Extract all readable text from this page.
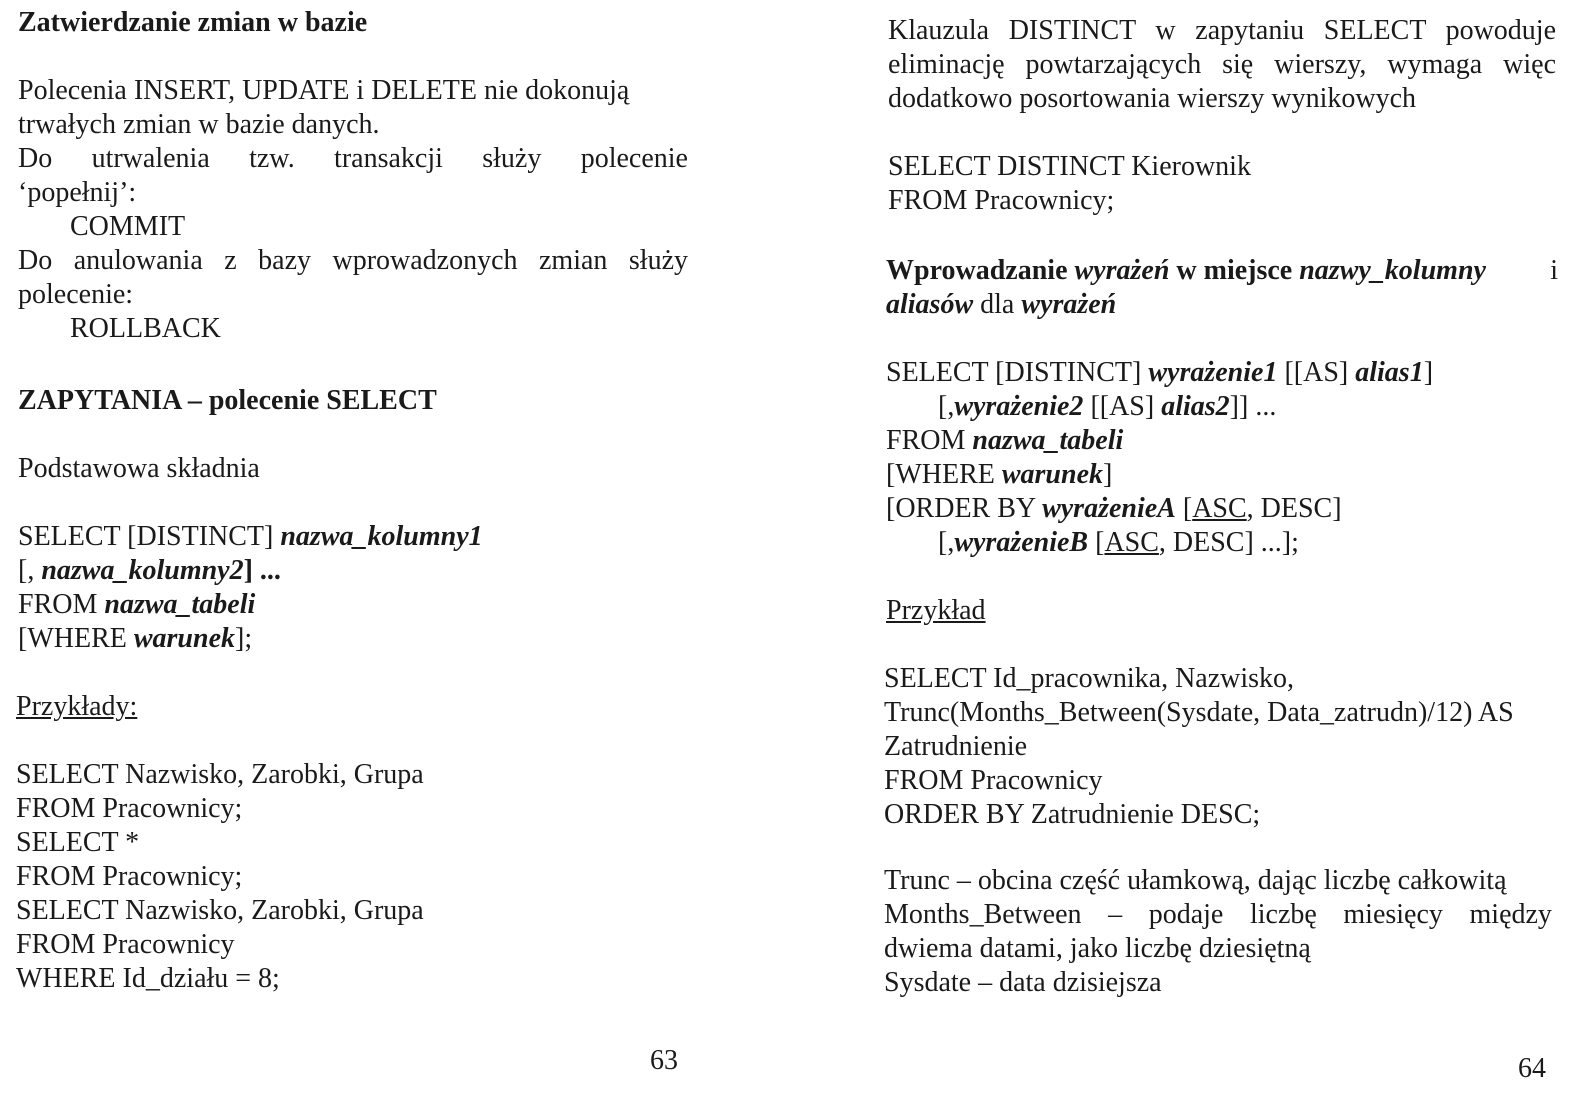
Zatwierdzanie zmian w bazie
Polecenia INSERT, UPDATE i DELETE nie dokonują
trwałych zmian w bazie danych.
Do utrwalenia tzw. transakcji służy polecenie
‘popełnij’:
COMMIT
Do anulowania z bazy wprowadzonych zmian służy
polecenie:
ROLLBACK
ZAPYTANIA – polecenie SELECT
Podstawowa składnia
SELECT [DISTINCT] nazwa_kolumny1
[, nazwa_kolumny2] ...
FROM nazwa_tabeli
[WHERE warunek];
Przykłady:
SELECT Nazwisko, Zarobki, Grupa
FROM Pracownicy;
SELECT *
FROM Pracownicy;
SELECT Nazwisko, Zarobki, Grupa
FROM Pracownicy
WHERE Id_działu = 8;
63
Klauzula DISTINCT w zapytaniu SELECT powoduje
eliminację powtarzających się wierszy, wymaga więc
dodatkowo posortowania wierszy wynikowych
SELECT DISTINCT Kierownik
FROM Pracownicy;
Wprowadzanie wyrażeń w miejsce nazwy_kolumny i
aliasów dla wyrażeń
SELECT [DISTINCT] wyrażenie1 [[AS] alias1]
[,wyrażenie2 [[AS] alias2]] ...
FROM nazwa_tabeli
[WHERE warunek]
[ORDER BY wyrażenieA [ASC, DESC]
[,wyrażenieB [ASC, DESC] ...];
Przykład
SELECT Id_pracownika, Nazwisko,
Trunc(Months_Between(Sysdate, Data_zatrudn)/12) AS
Zatrudnienie
FROM Pracownicy
ORDER BY Zatrudnienie DESC;
Trunc – obcina część ułamkową, dając liczbę całkowitą
Months_Between – podaje liczbę miesięcy między
dwiema datami, jako liczbę dziesiętną
Sysdate – data dzisiejsza
64
